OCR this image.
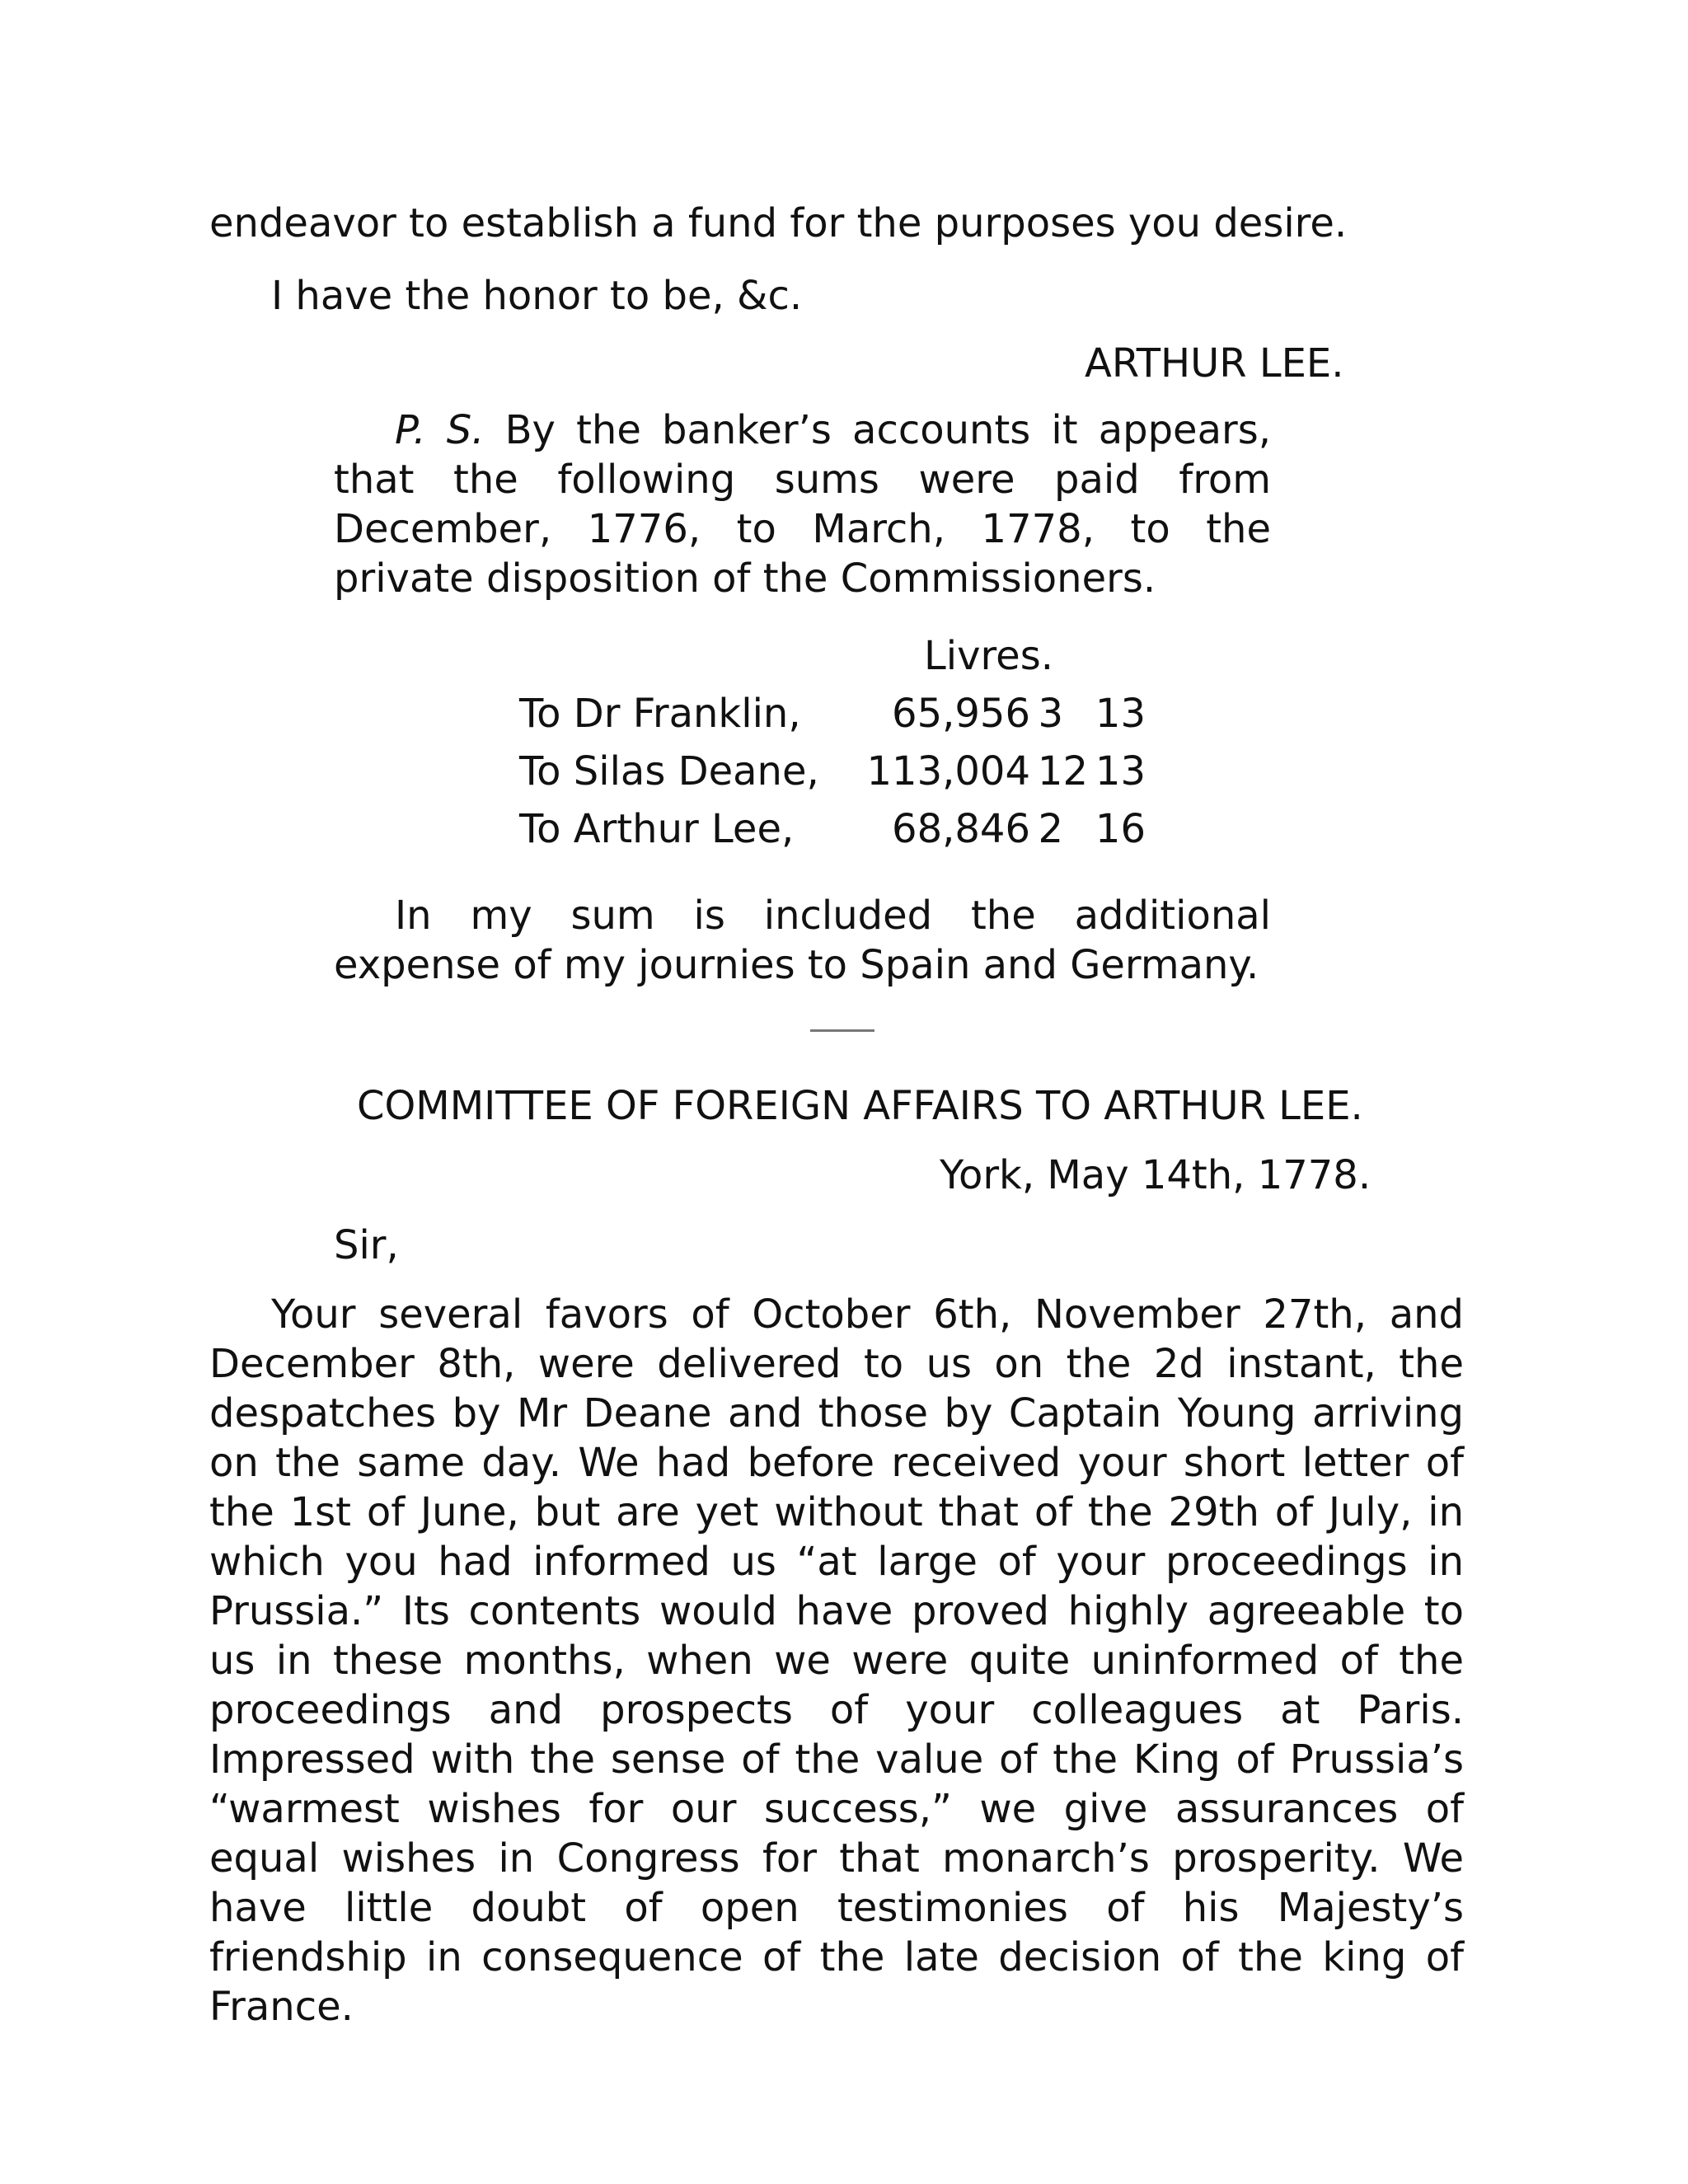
endeavor to establish a fund for the purposes you desire.
I have the honor to be, &c.
ARTHUR LEE.
P. S. By the banker’s accounts it appears, that the following sums were paid from December, 1776, to March, 1778, to the private disposition of the Commissioners.
Livres.
To Dr Franklin,	65,956 3 13
To Silas Deane, 113,004 12 13
To Arthur Lee,	68,846 2 16
In my sum is included the additional expense of my journies to Spain and Germany.
COMMITTEE OF FOREIGN AFFAIRS TO ARTHUR LEE.
York, May 14th, 1778.
Sir,
Your several favors of October 6th, November 27th, and December 8th, were delivered to us on the 2d instant, the despatches by Mr Deane and those by Captain Young arriving on the same day. We had before received your short letter of the 1st of June, but are yet without that of the 29th of July, in which you had informed us “at large of your proceedings in Prussia.” Its contents would have proved highly agreeable to us in these months, when we were quite uninformed of the proceedings and prospects of your colleagues at Paris. Impressed with the sense of the value of the King of Prussia’s “warmest wishes for our success,” we give assurances of equal wishes in Congress for that monarch’s prosperity. We have little doubt of open testimonies of his Majesty’s friendship in consequence of the late decision of the king of France.
